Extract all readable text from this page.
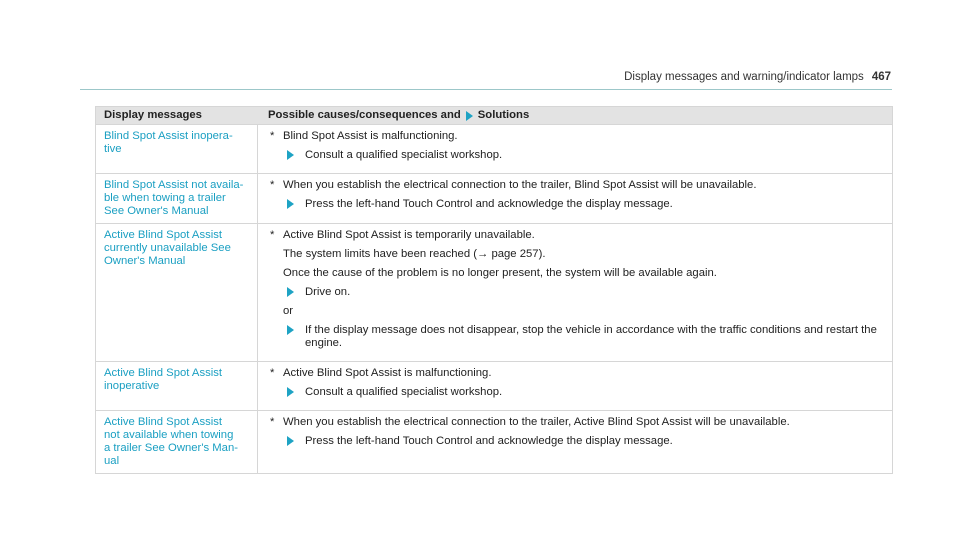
Display messages and warning/indicator lamps 467
Display messages	Possible causes/consequences and Solutions
Blind Spot Assist inopera-
tive
* Blind Spot Assist is malfunctioning.
Consult a qualified specialist workshop.
Blind Spot Assist not availa-
ble when towing a trailer
See Owner's Manual
* When you establish the electrical connection to the trailer, Blind Spot Assist will be unavailable.
Press the left-hand Touch Control and acknowledge the display message.
Active Blind Spot Assist
currently unavailable See
Owner's Manual
* Active Blind Spot Assist is temporarily unavailable.
The system limits have been reached (→ page 257).
Once the cause of the problem is no longer present, the system will be available again.
Drive on.
or
If the display message does not disappear, stop the vehicle in accordance with the traffic conditions and restart the engine.
Active Blind Spot Assist
inoperative
* Active Blind Spot Assist is malfunctioning.
Consult a qualified specialist workshop.
Active Blind Spot Assist
not available when towing
a trailer See Owner's Man-
ual
* When you establish the electrical connection to the trailer, Active Blind Spot Assist will be unavailable.
Press the left-hand Touch Control and acknowledge the display message.
